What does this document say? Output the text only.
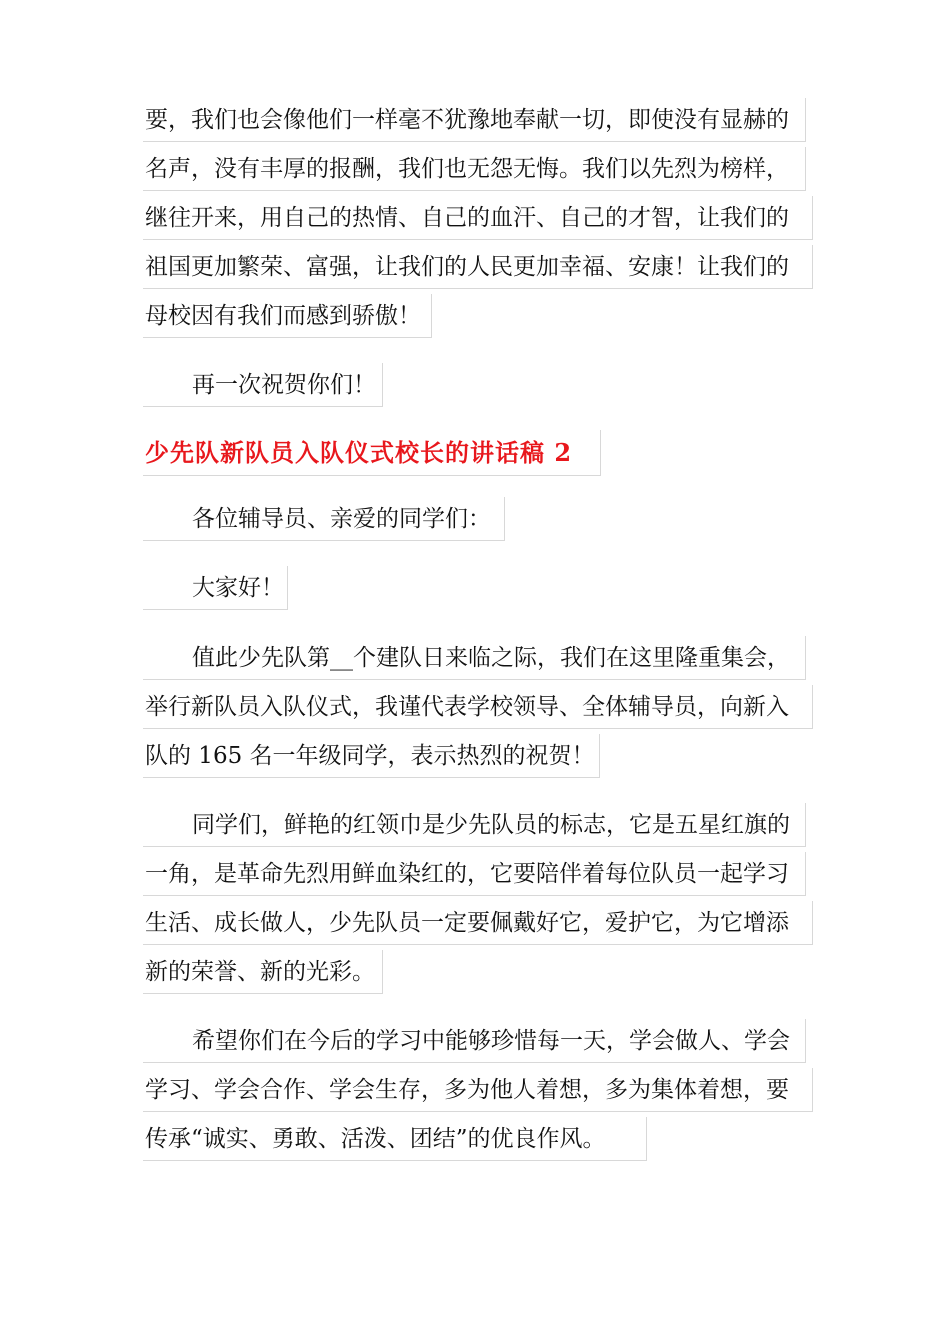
要，我们也会像他们一样毫不犹豫地奉献一切，即使没有显赫的
名声，没有丰厚的报酬，我们也无怨无悔。我们以先烈为榜样，
继往开来，用自己的热情、自己的血汗、自己的才智，让我们的
祖国更加繁荣、富强，让我们的人民更加幸福、安康！让我们的
母校因有我们而感到骄傲！
再一次祝贺你们！
少先队新队员入队仪式校长的讲话稿 2
各位辅导员、亲爱的同学们：
大家好！
值此少先队第__个建队日来临之际，我们在这里隆重集会，
举行新队员入队仪式，我谨代表学校领导、全体辅导员，向新入
队的 165 名一年级同学，表示热烈的祝贺！
同学们，鲜艳的红领巾是少先队员的标志，它是五星红旗的
一角，是革命先烈用鲜血染红的，它要陪伴着每位队员一起学习
生活、成长做人，少先队员一定要佩戴好它，爱护它，为它增添
新的荣誉、新的光彩。
希望你们在今后的学习中能够珍惜每一天，学会做人、学会
学习、学会合作、学会生存，多为他人着想，多为集体着想，要
传承“诚实、勇敢、活泼、团结”的优良作风。
